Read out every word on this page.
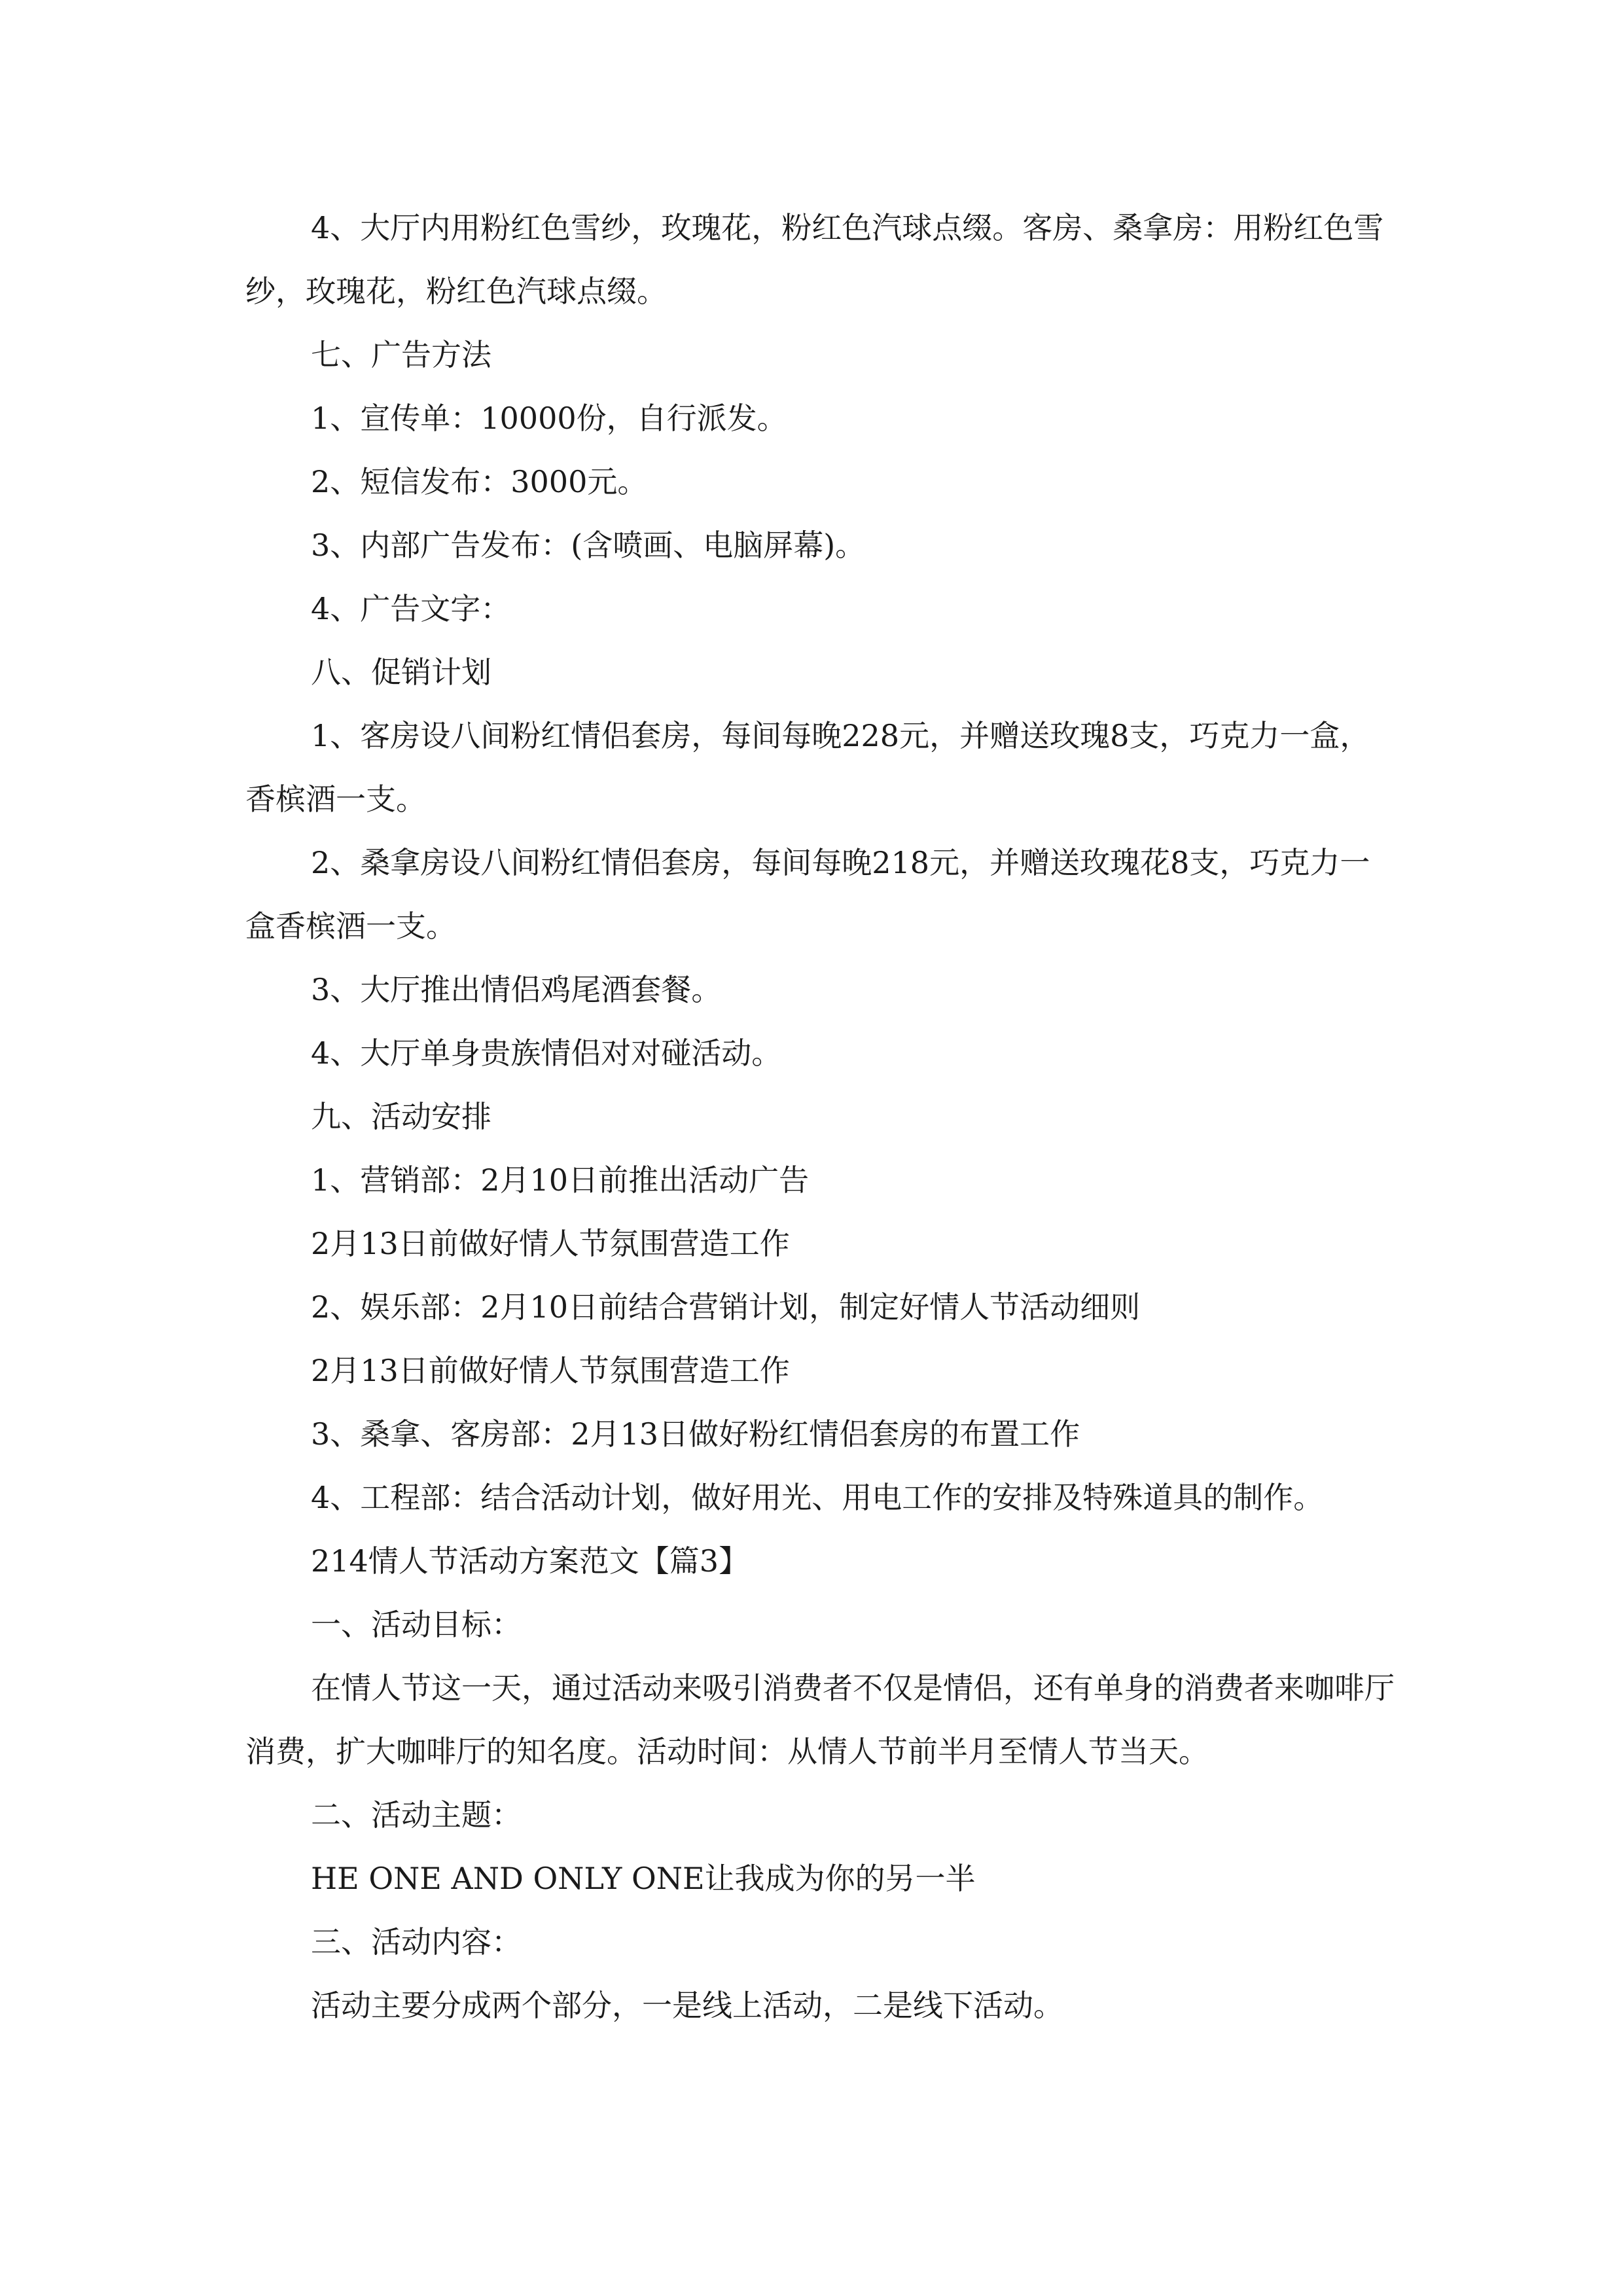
4、大厅内用粉红色雪纱，玫瑰花，粉红色汽球点缀。客房、桑拿房：用粉红色雪纱，玫瑰花，粉红色汽球点缀。

七、广告方法

1、宣传单：10000份，自行派发。

2、短信发布：3000元。

3、内部广告发布：(含喷画、电脑屏幕)。

4、广告文字：

八、促销计划

1、客房设八间粉红情侣套房，每间每晚228元，并赠送玫瑰8支，巧克力一盒，香槟酒一支。

2、桑拿房设八间粉红情侣套房，每间每晚218元，并赠送玫瑰花8支，巧克力一盒香槟酒一支。

3、大厅推出情侣鸡尾酒套餐。

4、大厅单身贵族情侣对对碰活动。

九、活动安排

1、营销部：2月10日前推出活动广告

2月13日前做好情人节氛围营造工作

2、娱乐部：2月10日前结合营销计划，制定好情人节活动细则

2月13日前做好情人节氛围营造工作

3、桑拿、客房部：2月13日做好粉红情侣套房的布置工作

4、工程部：结合活动计划，做好用光、用电工作的安排及特殊道具的制作。

214情人节活动方案范文【篇3】

一、活动目标：

在情人节这一天，通过活动来吸引消费者不仅是情侣，还有单身的消费者来咖啡厅消费，扩大咖啡厅的知名度。活动时间：从情人节前半月至情人节当天。

二、活动主题：

HE ONE AND ONLY ONE让我成为你的另一半

三、活动内容：

活动主要分成两个部分，一是线上活动，二是线下活动。
